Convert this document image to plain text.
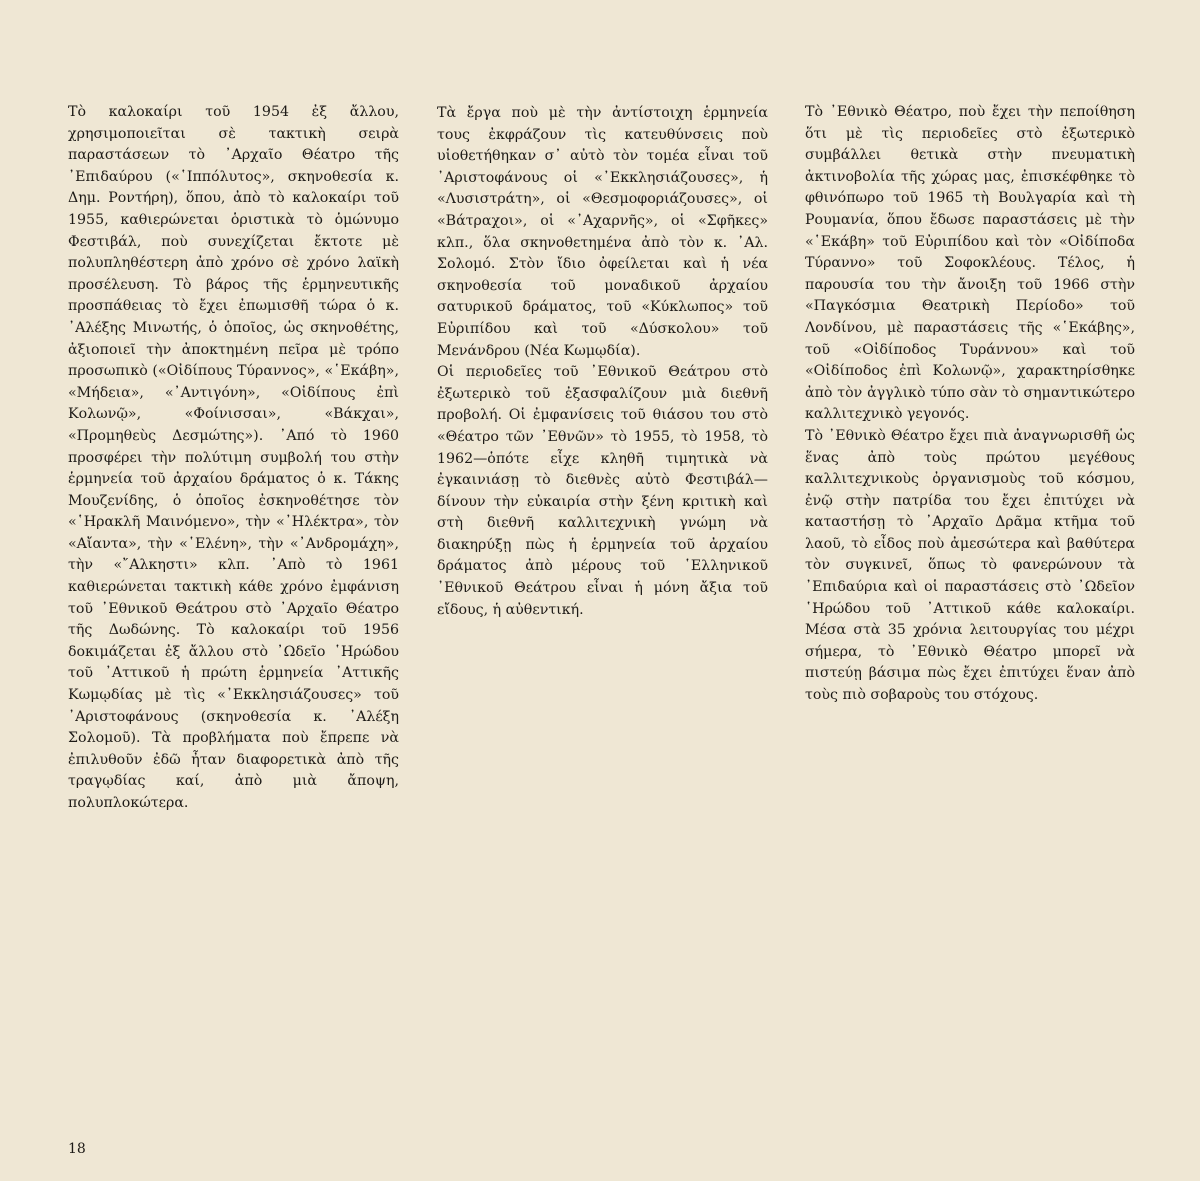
Τὸ καλοκαίρι τοῦ 1954 ἐξ ἄλλου, χρησιμοποιεῖται σὲ τακτικὴ σειρὰ παραστάσεων τὸ ᾿Αρχαῖο Θέατρο τῆς ᾿Επιδαύρου («῾Ιππόλυτος», σκηνοθεσία κ. Δημ. Ροντήρη), ὅπου, ἀπὸ τὸ καλοκαίρι τοῦ 1955, καθιερώνεται ὁριστικὰ τὸ ὁμώνυμο Φεστιβάλ, ποὺ συνεχίζεται ἔκτοτε μὲ πολυπληθέστερη ἀπὸ χρόνο σὲ χρόνο λαϊκὴ προσέλευση. Τὸ βάρος τῆς ἑρμηνευτικῆς προσπάθειας τὸ ἔχει ἐπωμισθῆ τώρα ὁ κ. ᾿Αλέξης Μινωτής, ὁ ὁποῖος, ὡς σκηνοθέτης, ἀξιοποιεῖ τὴν ἀποκτημένη πεῖρα μὲ τρόπο προσωπικὸ («Οἰδίπους Τύραννος», «῾Εκάβη», «Μήδεια», «᾿Αντιγόνη», «Οἰδίπους ἐπὶ Κολωνῷ», «Φοίνισσαι», «Βάκχαι», «Προμηθεὺς Δεσμώτης»). ᾿Από τὸ 1960 προσφέρει τὴν πολύτιμη συμβολή του στὴν ἑρμηνεία τοῦ ἀρχαίου δράματος ὁ κ. Τάκης Μουζενίδης, ὁ ὁποῖος ἐσκηνοθέτησε τὸν «῾Ηρακλῆ Μαινόμενο», τὴν «᾿Ηλέκτρα», τὸν «Αἴαντα», τὴν «῾Ελένη», τὴν «᾿Ανδρομάχη», τὴν «῎Αλκηστι» κλπ. ᾿Απὸ τὸ 1961 καθιερώνεται τακτικὴ κάθε χρόνο ἐμφάνιση τοῦ ᾿Εθνικοῦ Θεάτρου στὸ ᾿Αρχαῖο Θέατρο τῆς Δωδώνης. Τὸ καλοκαίρι τοῦ 1956 δοκιμάζεται ἐξ ἄλλου στὸ ᾿Ωδεῖο ῾Ηρώδου τοῦ ᾿Αττικοῦ ἡ πρώτη ἑρμηνεία ᾿Αττικῆς Κωμῳδίας μὲ τὶς «᾿Εκκλησιάζουσες» τοῦ ᾿Αριστοφάνους (σκηνοθεσία κ. ᾿Αλέξη Σολομοῦ). Τὰ προβλήματα ποὺ ἔπρεπε νὰ ἐπιλυθοῦν ἐδῶ ἦταν διαφορετικὰ ἀπὸ τῆς τραγῳδίας καί, ἀπὸ μιὰ ἄποψη, πολυπλοκώτερα.

Τὰ ἔργα ποὺ μὲ τὴν ἀντίστοιχη ἑρμηνεία τους ἐκφράζουν τὶς κατευθύνσεις ποὺ υἱοθετήθηκαν σ᾿ αὐτὸ τὸν τομέα εἶναι τοῦ ᾿Αριστοφάνους οἱ «᾿Εκκλησιάζουσες», ἡ «Λυσιστράτη», οἱ «Θεσμοφοριάζουσες», οἱ «Βάτραχοι», οἱ «᾿Αχαρνῆς», οἱ «Σφῆκες» κλπ., ὅλα σκηνοθετημένα ἀπὸ τὸν κ. ᾿Αλ. Σολομό. Στὸν ἴδιο ὀφείλεται καὶ ἡ νέα σκηνοθεσία τοῦ μοναδικοῦ ἀρχαίου σατυρικοῦ δράματος, τοῦ «Κύκλωπος» τοῦ Εὐριπίδου καὶ τοῦ «Δύσκολου» τοῦ Μενάνδρου (Νέα Κωμῳδία).

Οἱ περιοδεῖες τοῦ ᾿Εθνικοῦ Θεάτρου στὸ ἐξωτερικὸ τοῦ ἐξασφαλίζουν μιὰ διεθνῆ προβολή. Οἱ ἐμφανίσεις τοῦ θιάσου του στὸ «Θέατρο τῶν ᾿Εθνῶν» τὸ 1955, τὸ 1958, τὸ 1962—ὁπότε εἶχε κληθῆ τιμητικὰ νὰ ἐγκαινιάσῃ τὸ διεθνὲς αὐτὸ Φεστιβάλ—δίνουν τὴν εὐκαιρία στὴν ξένη κριτικὴ καὶ στὴ διεθνῆ καλλιτεχνικὴ γνώμη νὰ διακηρύξῃ πὼς ἡ ἑρμηνεία τοῦ ἀρχαίου δράματος ἀπὸ μέρους τοῦ ῾Ελληνικοῦ ᾿Εθνικοῦ Θεάτρου εἶναι ἡ μόνη ἄξια τοῦ εἴδους, ἡ αὐθεντική.

Τὸ ᾿Εθνικὸ Θέατρο, ποὺ ἔχει τὴν πεποίθηση ὅτι μὲ τὶς περιοδεῖες στὸ ἐξωτερικὸ συμβάλλει θετικὰ στὴν πνευματικὴ ἀκτινοβολία τῆς χώρας μας, ἐπισκέφθηκε τὸ φθινόπωρο τοῦ 1965 τὴ Βουλγαρία καὶ τὴ Ρουμανία, ὅπου ἔδωσε παραστάσεις μὲ τὴν «῾Εκάβη» τοῦ Εὐριπίδου καὶ τὸν «Οἰδίποδα Τύραννο» τοῦ Σοφοκλέους. Τέλος, ἡ παρουσία του τὴν ἄνοιξη τοῦ 1966 στὴν «Παγκόσμια Θεατρικὴ Περίοδο» τοῦ Λονδίνου, μὲ παραστάσεις τῆς «῾Εκάβης», τοῦ «Οἰδίποδος Τυράννου» καὶ τοῦ «Οἰδίποδος ἐπὶ Κολωνῷ», χαρακτηρίσθηκε ἀπὸ τὸν ἀγγλικὸ τύπο σὰν τὸ σημαντικώτερο καλλιτεχνικὸ γεγονός.

Τὸ ᾿Εθνικὸ Θέατρο ἔχει πιὰ ἀναγνωρισθῆ ὡς ἕνας ἀπὸ τοὺς πρώτου μεγέθους καλλιτεχνικοὺς ὀργανισμοὺς τοῦ κόσμου, ἐνῷ στὴν πατρίδα του ἔχει ἐπιτύχει νὰ καταστήσῃ τὸ ᾿Αρχαῖο Δρᾶμα κτῆμα τοῦ λαοῦ, τὸ εἶδος ποὺ ἀμεσώτερα καὶ βαθύτερα τὸν συγκινεῖ, ὅπως τὸ φανερώνουν τὰ ᾿Επιδαύρια καὶ οἱ παραστάσεις στὸ ᾿Ωδεῖον ῾Ηρώδου τοῦ ᾿Αττικοῦ κάθε καλοκαίρι. Μέσα στὰ 35 χρόνια λειτουργίας του μέχρι σήμερα, τὸ ᾿Εθνικὸ Θέατρο μπορεῖ νὰ πιστεύῃ βάσιμα πὼς ἔχει ἐπιτύχει ἕναν ἀπὸ τοὺς πιὸ σοβαροὺς του στόχους.

18
